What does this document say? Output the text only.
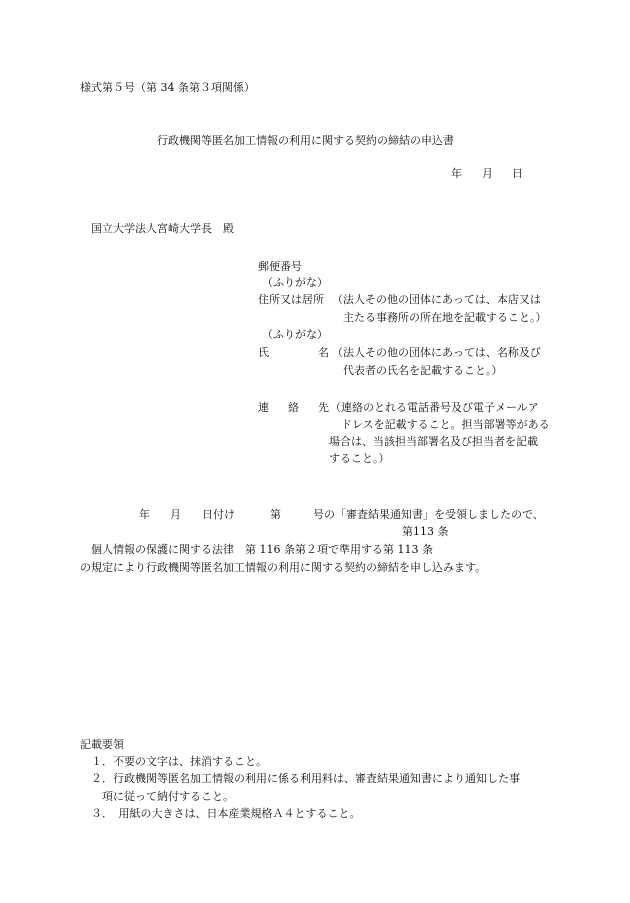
様式第５号（第 34 条第３項関係）
行政機関等匿名加工情報の利用に関する契約の締結の申込書
年 月 日
国立大学法人宮崎大学長　殿
郵便番号
（ふりがな）
住所又は居所 （法人その他の団体にあっては、本店又は
主たる事務所の所在地を記載すること。）
（ふりがな）
氏	名 （法人その他の団体にあっては、名称及び
代表者の氏名を記載すること。）
連 絡 先 （連絡のとれる電話番号及び電子メールア
ドレスを記載すること。担当部署等がある
場合は、当該担当部署名及び担当者を記載
すること。）
年 月 日付け	第	号の「審査結果通知書」を受領しましたので、
第113 条
個人情報の保護に関する法律　第 116 条第２項で準用する第 113 条
の規定により行政機関等匿名加工情報の利用に関する契約の締結を申し込みます。
記載要領
１．不要の文字は、抹消すること。
２．行政機関等匿名加工情報の利用に係る利用料は、審査結果通知書により通知した事
項に従って納付すること。
３．　用紙の大きさは、日本産業規格Ａ４とすること。
